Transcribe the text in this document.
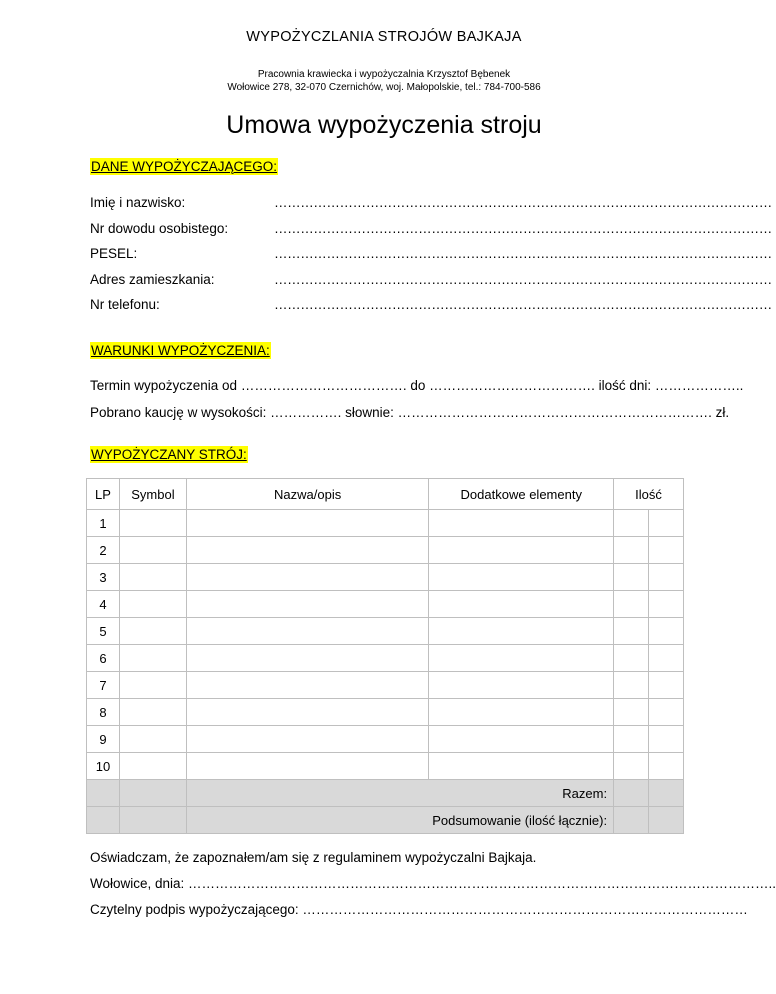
WYPOŻYCZLANIA STROJÓW BAJKAJA
Pracownia krawiecka i wypożyczalnia Krzysztof Bębenek
Wołowice 278, 32-070 Czernichów, woj. Małopolskie, tel.: 784-700-586
Umowa wypożyczenia stroju
DANE WYPOŻYCZAJĄCEGO:
Imię i nazwisko:	……………………………………………………………………………………………………
Nr dowodu osobistego:	……………………………………………………………………………………………………
PESEL:	……………………………………………………………………………………………………
Adres zamieszkania:	……………………………………………………………………………………………………
Nr telefonu:	……………………………………………………………………………………………………
WARUNKI WYPOŻYCZENIA:
Termin wypożyczenia od ………………………………. do ………………………………. ilość dni: ………………..
Pobrano kaucję w wysokości: ……………. słownie: ……………………………………………………………. zł.
WYPOŻYCZANY STRÓJ:
LP	Symbol	Nazwa/opis	Dodatkowe elementy	Ilość	
1					
2					
3					
4					
5					
6					
7					
8					
9					
10					
		Razem:			
		Podsumowanie (ilość łącznie):			
Oświadczam, że zapoznałem/am się z regulaminem wypożyczalni Bajkaja.
Wołowice, dnia: …………………………………………………………………………………………………………………..
Czytelny podpis wypożyczającego: ………………………………………………………………………………………
